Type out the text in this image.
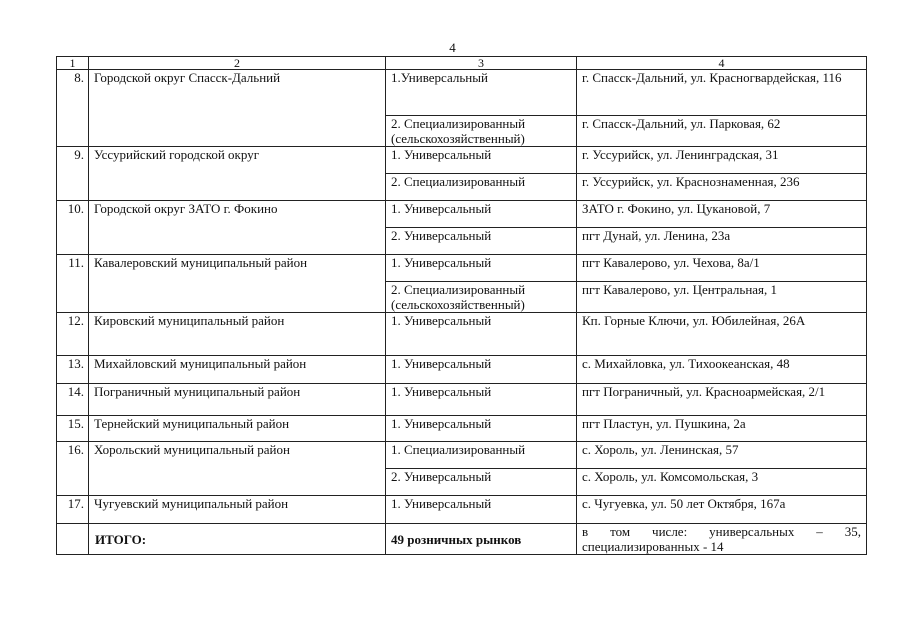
4
1	2	3	4
8.	Городской округ Спасск-Дальний	1.Универсальный	г. Спасск-Дальний, ул. Красногвардейская, 116
		2. Специализированный (сельскохозяйственный)	г. Спасск-Дальний, ул. Парковая, 62
9.	Уссурийский городской округ	1. Универсальный	г. Уссурийск, ул. Ленинградская, 31
		2. Специализированный	г. Уссурийск, ул. Краснознаменная, 236
10.	Городской округ ЗАТО г. Фокино	1. Универсальный	ЗАТО г. Фокино, ул. Цукановой, 7
		2. Универсальный	пгт Дунай, ул. Ленина, 23а
11.	Кавалеровский муниципальный район	1. Универсальный	пгт Кавалерово, ул. Чехова, 8а/1
		2. Специализированный (сельскохозяйственный)	пгт Кавалерово, ул. Центральная, 1
12.	Кировский муниципальный район	1. Универсальный	Кп. Горные Ключи, ул. Юбилейная, 26А
13.	Михайловский муниципальный район	1. Универсальный	с. Михайловка, ул. Тихоокеанская, 48
14.	Пограничный муниципальный район	1. Универсальный	пгт Пограничный, ул. Красноармейская, 2/1
15.	Тернейский муниципальный район	1. Универсальный	пгт Пластун, ул. Пушкина, 2а
16.	Хорольский муниципальный район	1. Специализированный	с. Хороль, ул. Ленинская, 57
		2. Универсальный	с. Хороль, ул. Комсомольская, 3
17.	Чугуевский муниципальный район	1. Универсальный	с. Чугуевка, ул. 50 лет Октября, 167а
	ИТОГО:	49 розничных рынков	в том числе: универсальных – 35, специализированных - 14
